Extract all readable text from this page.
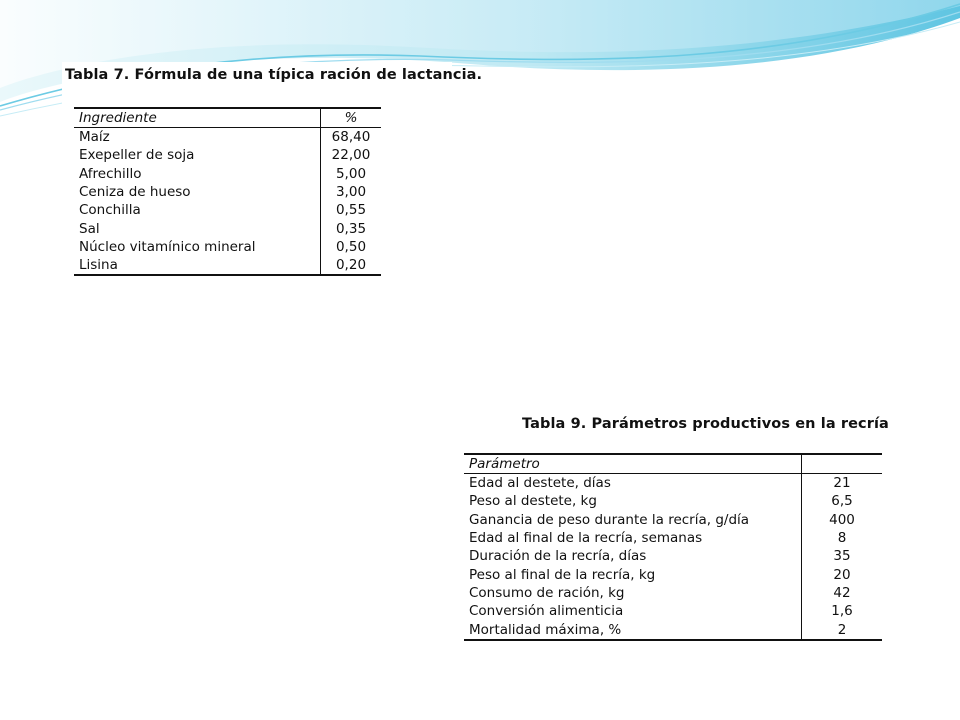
Tabla 7. Fórmula de una típica ración de lactancia.
Ingrediente	%
Maíz	68,40
Exepeller de soja	22,00
Afrechillo	5,00
Ceniza de hueso	3,00
Conchilla	0,55
Sal	0,35
Núcleo vitamínico mineral	0,50
Lisina	0,20
Tabla 9. Parámetros productivos en la recría
Parámetro	
Edad al destete, días	21
Peso al destete, kg	6,5
Ganancia de peso durante la recría, g/día	400
Edad al final de la recría, semanas	8
Duración de la recría, días	35
Peso al final de la recría, kg	20
Consumo de ración, kg	42
Conversión alimenticia	1,6
Mortalidad máxima, %	2
